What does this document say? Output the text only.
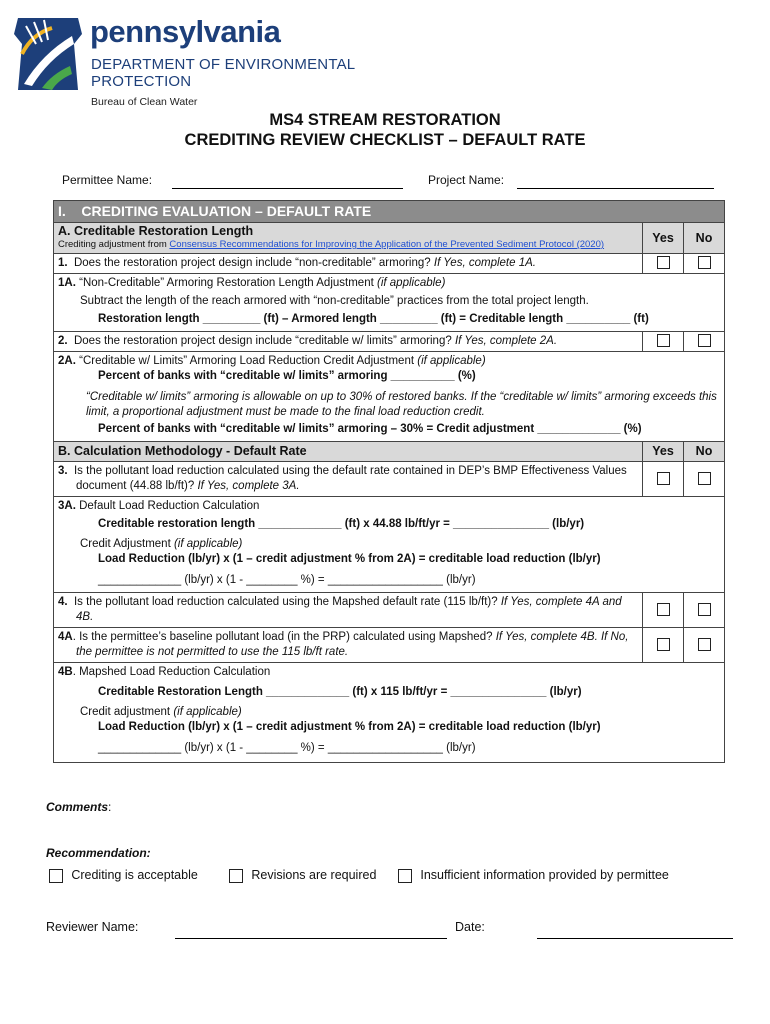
pennsylvania
DEPARTMENT OF ENVIRONMENTAL
PROTECTION
Bureau of Clean Water
MS4 STREAM RESTORATION
CREDITING REVIEW CHECKLIST – DEFAULT RATE
Permittee Name:	Project Name:
I. CREDITING EVALUATION – DEFAULT RATE		

A. Creditable Restoration Length
Crediting adjustment from Consensus Recommendations for Improving the Application of the Prevented Sediment Protocol (2020)	Yes	No
1. Does the restoration project design include “non-creditable” armoring? If Yes, complete 1A.		

1A. “Non-Creditable” Armoring Restoration Length Adjustment (if applicable)
Subtract the length of the reach armored with “non-creditable” practices from the total project length.
Restoration length _________ (ft) – Armored length _________ (ft) = Creditable length __________ (ft)		

2. Does the restoration project design include “creditable w/ limits” armoring? If Yes, complete 2A.		

2A. “Creditable w/ Limits” Armoring Load Reduction Credit Adjustment (if applicable)
Percent of banks with “creditable w/ limits” armoring __________ (%)
“Creditable w/ limits” armoring is allowable on up to 30% of restored banks. If the “creditable w/ limits” armoring exceeds this limit, a proportional adjustment must be made to the final load reduction credit.
Percent of banks with “creditable w/ limits” armoring – 30% = Credit adjustment _____________ (%)		

B. Calculation Methodology - Default Rate	Yes	No
3. Is the pollutant load reduction calculated using the default rate contained in DEP’s BMP Effectiveness Values document (44.88 lb/ft)? If Yes, complete 3A.		

3A. Default Load Reduction Calculation
Creditable restoration length _____________ (ft) x 44.88 lb/ft/yr = _______________ (lb/yr)
Credit Adjustment (if applicable)
Load Reduction (lb/yr) x (1 – credit adjustment % from 2A) = creditable load reduction (lb/yr)
_____________ (lb/yr) x (1 - ________ %) = __________________ (lb/yr)		

4. Is the pollutant load reduction calculated using the Mapshed default rate (115 lb/ft)? If Yes, complete 4A and 4B.		
4A. Is the permittee’s baseline pollutant load (in the PRP) calculated using Mapshed? If Yes, complete 4B. If No, the permittee is not permitted to use the 115 lb/ft rate.		

4B. Mapshed Load Reduction Calculation
Creditable Restoration Length _____________ (ft) x 115 lb/ft/yr = _______________ (lb/yr)
Credit adjustment (if applicable)
Load Reduction (lb/yr) x (1 – credit adjustment % from 2A) = creditable load reduction (lb/yr)
_____________ (lb/yr) x (1 - ________ %) = __________________ (lb/yr)		
Comments:
Recommendation:
Crediting is acceptable	Revisions are required	Insufficient information provided by permittee
Reviewer Name:	Date:
